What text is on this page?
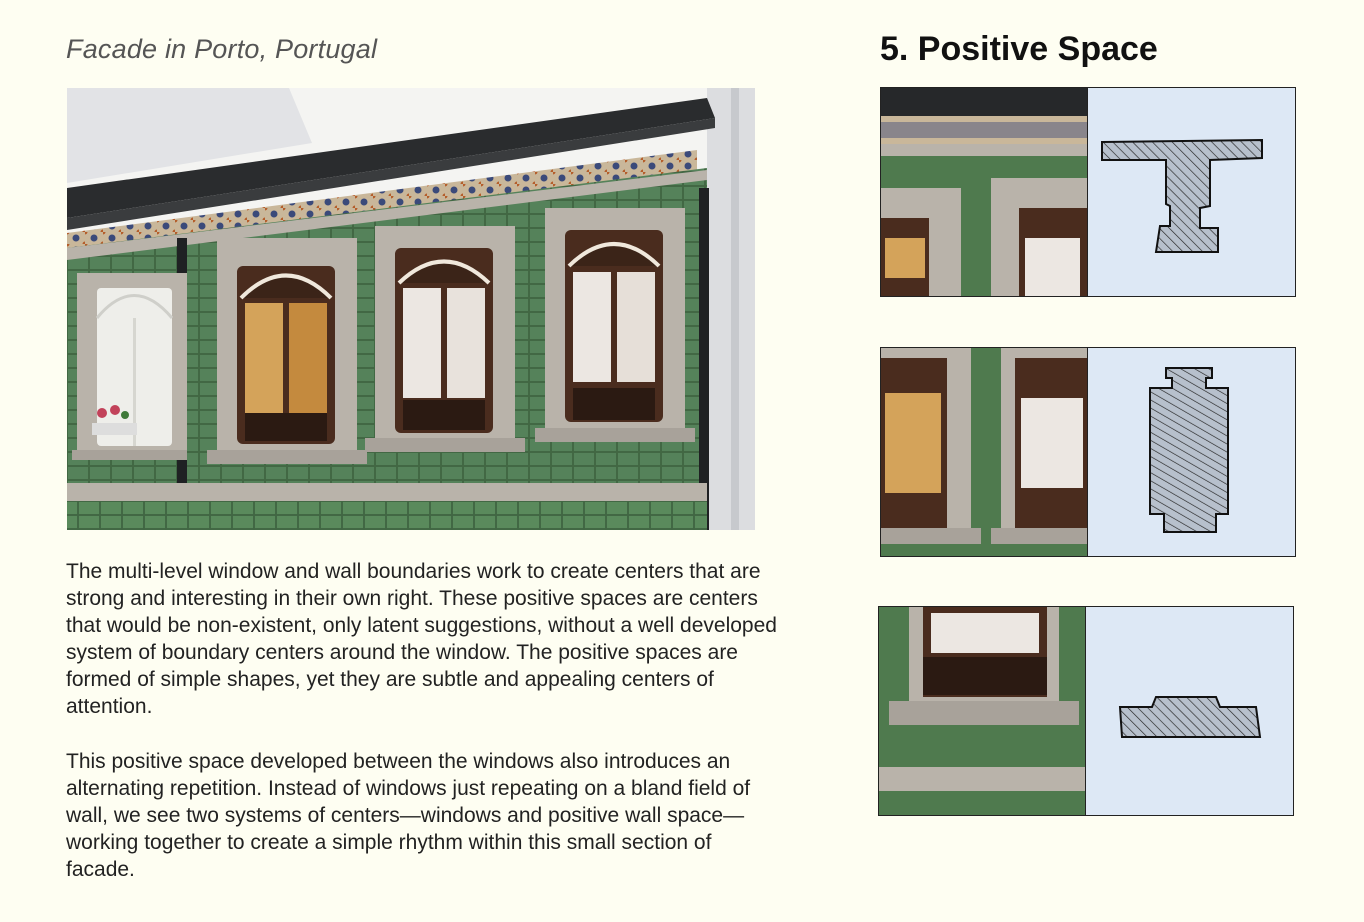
Facade in Porto, Portugal	5. Positive Space
The multi-level window and wall boundaries work to create centers that are strong and interesting in their own right. These positive spaces are centers that would be non-existent, only latent suggestions, without a well developed system of boundary centers around the window. The positive spaces are formed of simple shapes, yet they are subtle and appealing centers of attention.
This positive space developed between the windows also introduces an alternating repetition. Instead of windows just repeating on a bland field of wall, we see two systems of centers—windows and positive wall space—working together to create a simple rhythm within this small section of facade.
